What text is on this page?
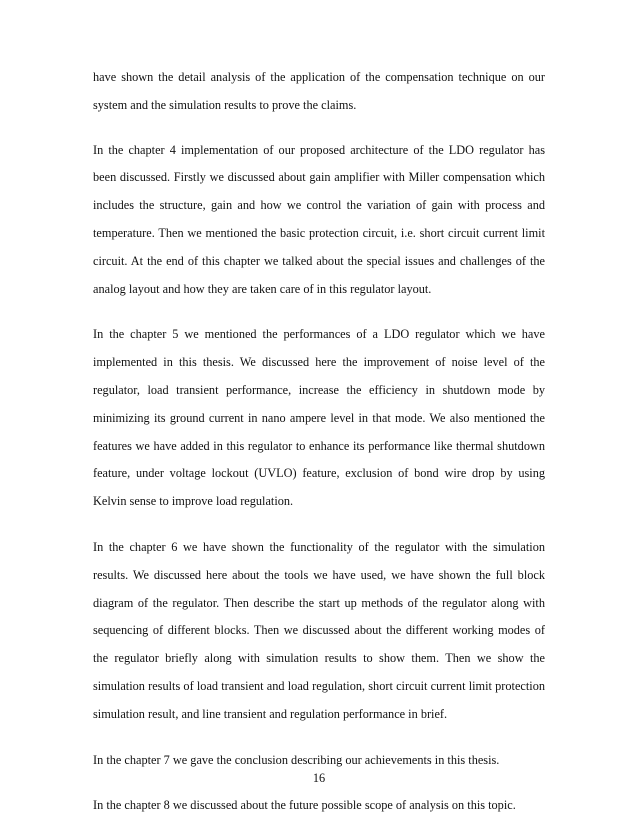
have shown the detail analysis of the application of the compensation technique on our system and the simulation results to prove the claims.

In the chapter 4 implementation of our proposed architecture of the LDO regulator has been discussed. Firstly we discussed about gain amplifier with Miller compensation which includes the structure, gain and how we control the variation of gain with process and temperature. Then we mentioned the basic protection circuit, i.e. short circuit current limit circuit. At the end of this chapter we talked about the special issues and challenges of the analog layout and how they are taken care of in this regulator layout.

In the chapter 5 we mentioned the performances of a LDO regulator which we have implemented in this thesis. We discussed here the improvement of noise level of the regulator, load transient performance, increase the efficiency in shutdown mode by minimizing its ground current in nano ampere level in that mode. We also mentioned the features we have added in this regulator to enhance its performance like thermal shutdown feature, under voltage lockout (UVLO) feature, exclusion of bond wire drop by using Kelvin sense to improve load regulation.

In the chapter 6 we have shown the functionality of the regulator with the simulation results. We discussed here about the tools we have used, we have shown the full block diagram of the regulator. Then describe the start up methods of the regulator along with sequencing of different blocks. Then we discussed about the different working modes of the regulator briefly along with simulation results to show them. Then we show the simulation results of load transient and load regulation, short circuit current limit protection simulation result, and line transient and regulation performance in brief.

In the chapter 7 we gave the conclusion describing our achievements in this thesis.

In the chapter 8 we discussed about the future possible scope of analysis on this topic.

16
